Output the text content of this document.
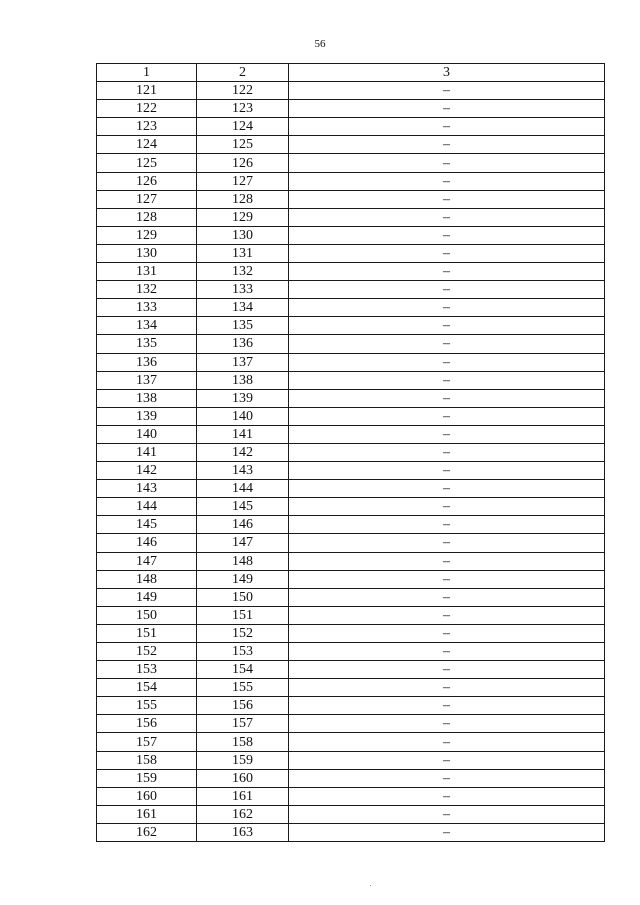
56
1	2	3
121	122	–
122	123	–
123	124	–
124	125	–
125	126	–
126	127	–
127	128	–
128	129	–
129	130	–
130	131	–
131	132	–
132	133	–
133	134	–
134	135	–
135	136	–
136	137	–
137	138	–
138	139	–
139	140	–
140	141	–
141	142	–
142	143	–
143	144	–
144	145	–
145	146	–
146	147	–
147	148	–
148	149	–
149	150	–
150	151	–
151	152	–
152	153	–
153	154	–
154	155	–
155	156	–
156	157	–
157	158	–
158	159	–
159	160	–
160	161	–
161	162	–
162	163	–
